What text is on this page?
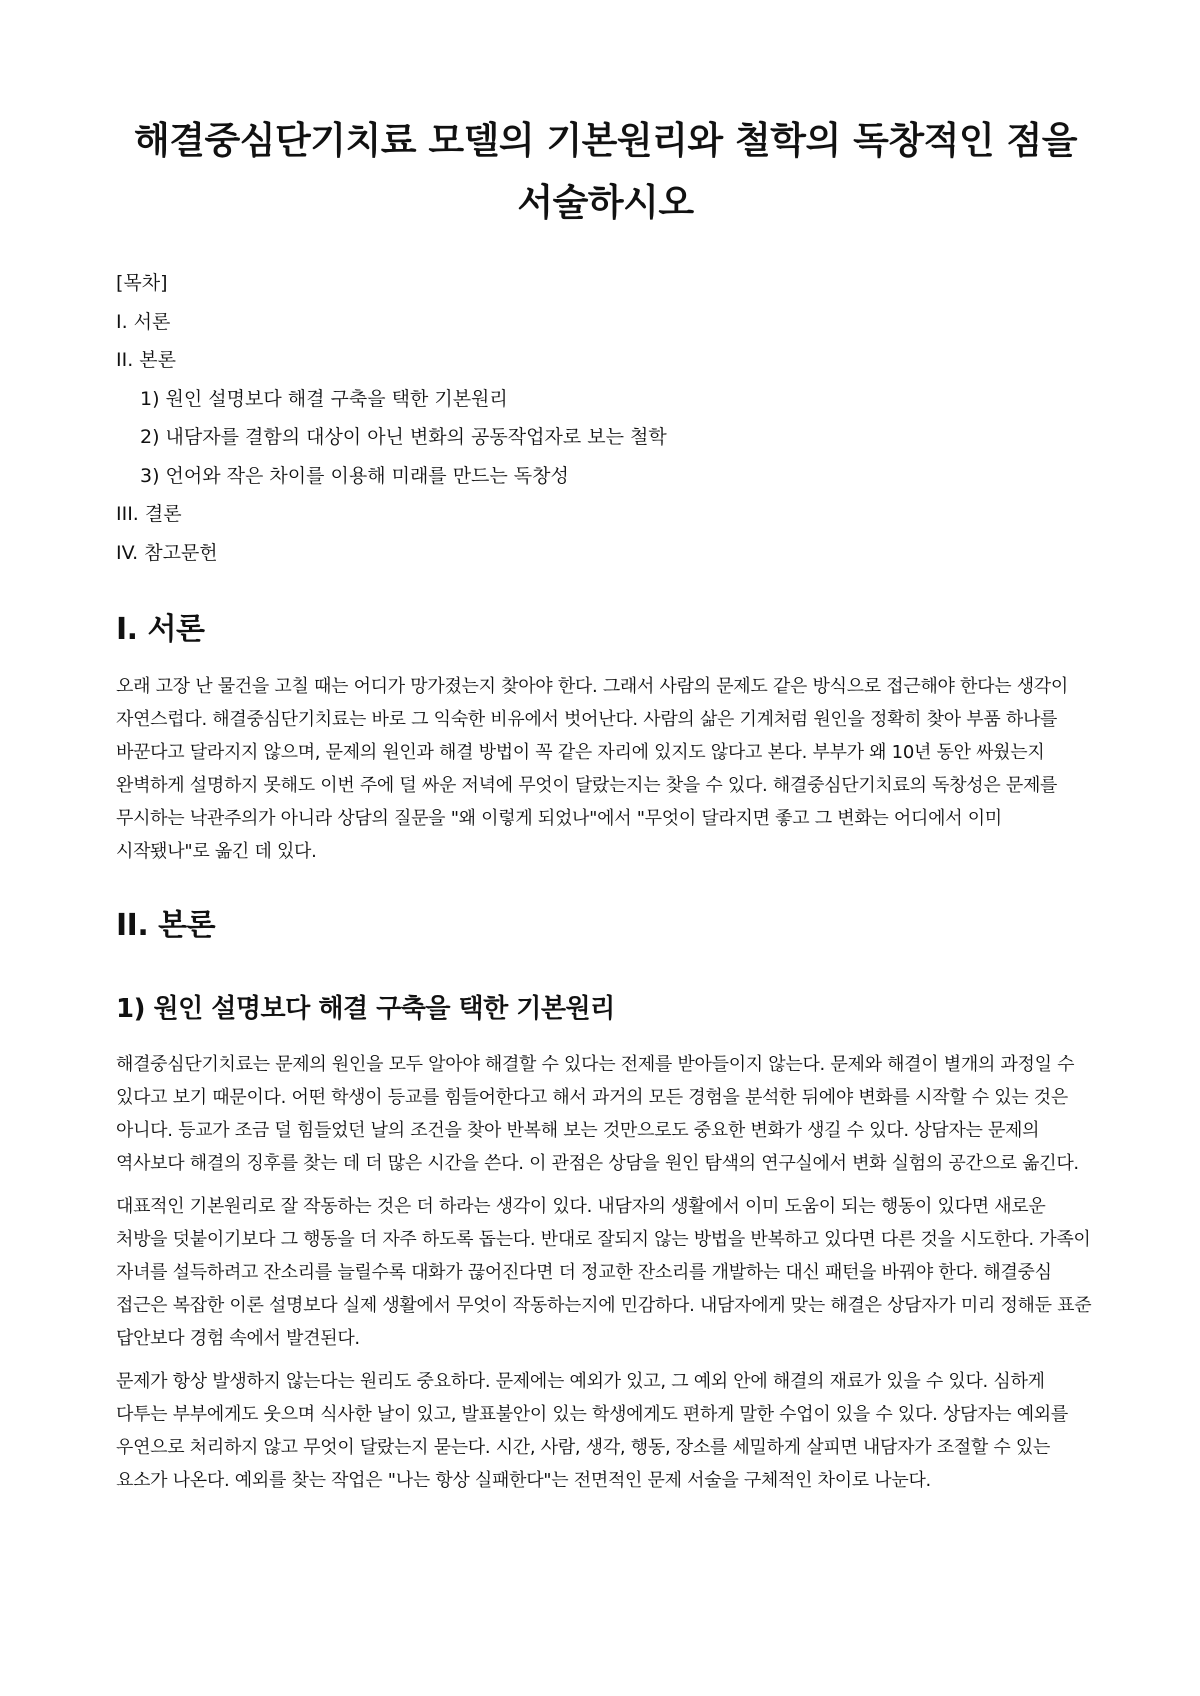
해결중심단기치료 모델의 기본원리와 철학의 독창적인 점을 서술하시오
[목차]
I. 서론
II. 본론
1) 원인 설명보다 해결 구축을 택한 기본원리
2) 내담자를 결함의 대상이 아닌 변화의 공동작업자로 보는 철학
3) 언어와 작은 차이를 이용해 미래를 만드는 독창성
III. 결론
IV. 참고문헌
I. 서론

오래 고장 난 물건을 고칠 때는 어디가 망가졌는지 찾아야 한다. 그래서 사람의 문제도 같은 방식으로 접근해야 한다는 생각이 자연스럽다. 해결중심단기치료는 바로 그 익숙한 비유에서 벗어난다. 사람의 삶은 기계처럼 원인을 정확히 찾아 부품 하나를 바꾼다고 달라지지 않으며, 문제의 원인과 해결 방법이 꼭 같은 자리에 있지도 않다고 본다. 부부가 왜 10년 동안 싸웠는지 완벽하게 설명하지 못해도 이번 주에 덜 싸운 저녁에 무엇이 달랐는지는 찾을 수 있다. 해결중심단기치료의 독창성은 문제를 무시하는 낙관주의가 아니라 상담의 질문을 "왜 이렇게 되었나"에서 "무엇이 달라지면 좋고 그 변화는 어디에서 이미 시작됐나"로 옮긴 데 있다.

II. 본론
1) 원인 설명보다 해결 구축을 택한 기본원리

해결중심단기치료는 문제의 원인을 모두 알아야 해결할 수 있다는 전제를 받아들이지 않는다. 문제와 해결이 별개의 과정일 수 있다고 보기 때문이다. 어떤 학생이 등교를 힘들어한다고 해서 과거의 모든 경험을 분석한 뒤에야 변화를 시작할 수 있는 것은 아니다. 등교가 조금 덜 힘들었던 날의 조건을 찾아 반복해 보는 것만으로도 중요한 변화가 생길 수 있다. 상담자는 문제의 역사보다 해결의 징후를 찾는 데 더 많은 시간을 쓴다. 이 관점은 상담을 원인 탐색의 연구실에서 변화 실험의 공간으로 옮긴다.

대표적인 기본원리로 잘 작동하는 것은 더 하라는 생각이 있다. 내담자의 생활에서 이미 도움이 되는 행동이 있다면 새로운 처방을 덧붙이기보다 그 행동을 더 자주 하도록 돕는다. 반대로 잘되지 않는 방법을 반복하고 있다면 다른 것을 시도한다. 가족이 자녀를 설득하려고 잔소리를 늘릴수록 대화가 끊어진다면 더 정교한 잔소리를 개발하는 대신 패턴을 바꿔야 한다. 해결중심 접근은 복잡한 이론 설명보다 실제 생활에서 무엇이 작동하는지에 민감하다. 내담자에게 맞는 해결은 상담자가 미리 정해둔 표준 답안보다 경험 속에서 발견된다.

문제가 항상 발생하지 않는다는 원리도 중요하다. 문제에는 예외가 있고, 그 예외 안에 해결의 재료가 있을 수 있다. 심하게 다투는 부부에게도 웃으며 식사한 날이 있고, 발표불안이 있는 학생에게도 편하게 말한 수업이 있을 수 있다. 상담자는 예외를 우연으로 처리하지 않고 무엇이 달랐는지 묻는다. 시간, 사람, 생각, 행동, 장소를 세밀하게 살피면 내담자가 조절할 수 있는 요소가 나온다. 예외를 찾는 작업은 "나는 항상 실패한다"는 전면적인 문제 서술을 구체적인 차이로 나눈다.
